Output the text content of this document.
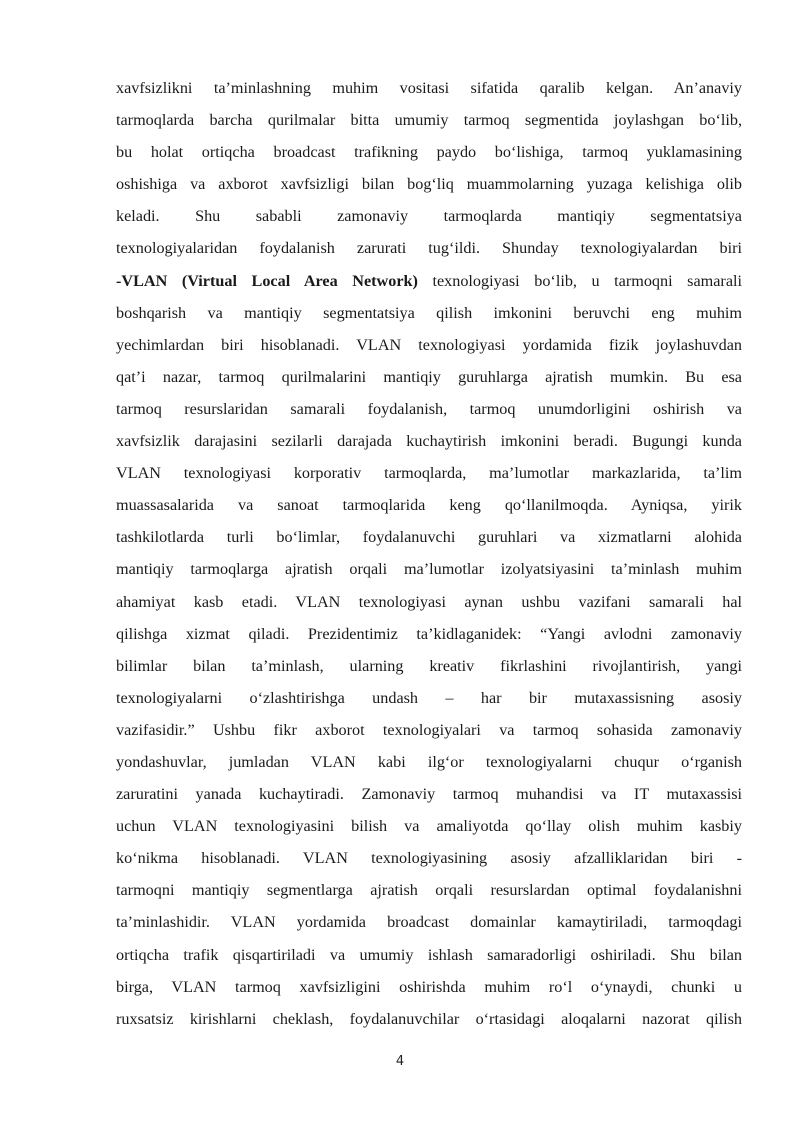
xavfsizlikni ta’minlashning muhim vositasi sifatida qaralib kelgan. An’anaviy
tarmoqlarda barcha qurilmalar bitta umumiy tarmoq segmentida joylashgan bo‘lib,
bu holat ortiqcha broadcast trafikning paydo bo‘lishiga, tarmoq yuklamasining
oshishiga va axborot xavfsizligi bilan bog‘liq muammolarning yuzaga kelishiga olib
keladi. Shu sababli zamonaviy tarmoqlarda mantiqiy segmentatsiya
texnologiyalaridan foydalanish zarurati tug‘ildi. Shunday texnologiyalardan biri
-VLAN (Virtual Local Area Network) texnologiyasi bo‘lib, u tarmoqni samarali
boshqarish va mantiqiy segmentatsiya qilish imkonini beruvchi eng muhim
yechimlardan biri hisoblanadi. VLAN texnologiyasi yordamida fizik joylashuvdan
qat’i nazar, tarmoq qurilmalarini mantiqiy guruhlarga ajratish mumkin. Bu esa
tarmoq resurslaridan samarali foydalanish, tarmoq unumdorligini oshirish va
xavfsizlik darajasini sezilarli darajada kuchaytirish imkonini beradi. Bugungi kunda
VLAN texnologiyasi korporativ tarmoqlarda, ma’lumotlar markazlarida, ta’lim
muassasalarida va sanoat tarmoqlarida keng qo‘llanilmoqda. Ayniqsa, yirik
tashkilotlarda turli bo‘limlar, foydalanuvchi guruhlari va xizmatlarni alohida
mantiqiy tarmoqlarga ajratish orqali ma’lumotlar izolyatsiyasini ta’minlash muhim
ahamiyat kasb etadi. VLAN texnologiyasi aynan ushbu vazifani samarali hal
qilishga xizmat qiladi. Prezidentimiz ta’kidlaganidek: “Yangi avlodni zamonaviy
bilimlar bilan ta’minlash, ularning kreativ fikrlashini rivojlantirish, yangi
texnologiyalarni o‘zlashtirishga undash – har bir mutaxassisning asosiy
vazifasidir.” Ushbu fikr axborot texnologiyalari va tarmoq sohasida zamonaviy
yondashuvlar, jumladan VLAN kabi ilg‘or texnologiyalarni chuqur o‘rganish
zaruratini yanada kuchaytiradi. Zamonaviy tarmoq muhandisi va IT mutaxassisi
uchun VLAN texnologiyasini bilish va amaliyotda qo‘llay olish muhim kasbiy
ko‘nikma hisoblanadi. VLAN texnologiyasining asosiy afzalliklaridan biri -
tarmoqni mantiqiy segmentlarga ajratish orqali resurslardan optimal foydalanishni
ta’minlashidir. VLAN yordamida broadcast domainlar kamaytiriladi, tarmoqdagi
ortiqcha trafik qisqartiriladi va umumiy ishlash samaradorligi oshiriladi. Shu bilan
birga, VLAN tarmoq xavfsizligini oshirishda muhim ro‘l o‘ynaydi, chunki u
ruxsatsiz kirishlarni cheklash, foydalanuvchilar o‘rtasidagi aloqalarni nazorat qilish
4
